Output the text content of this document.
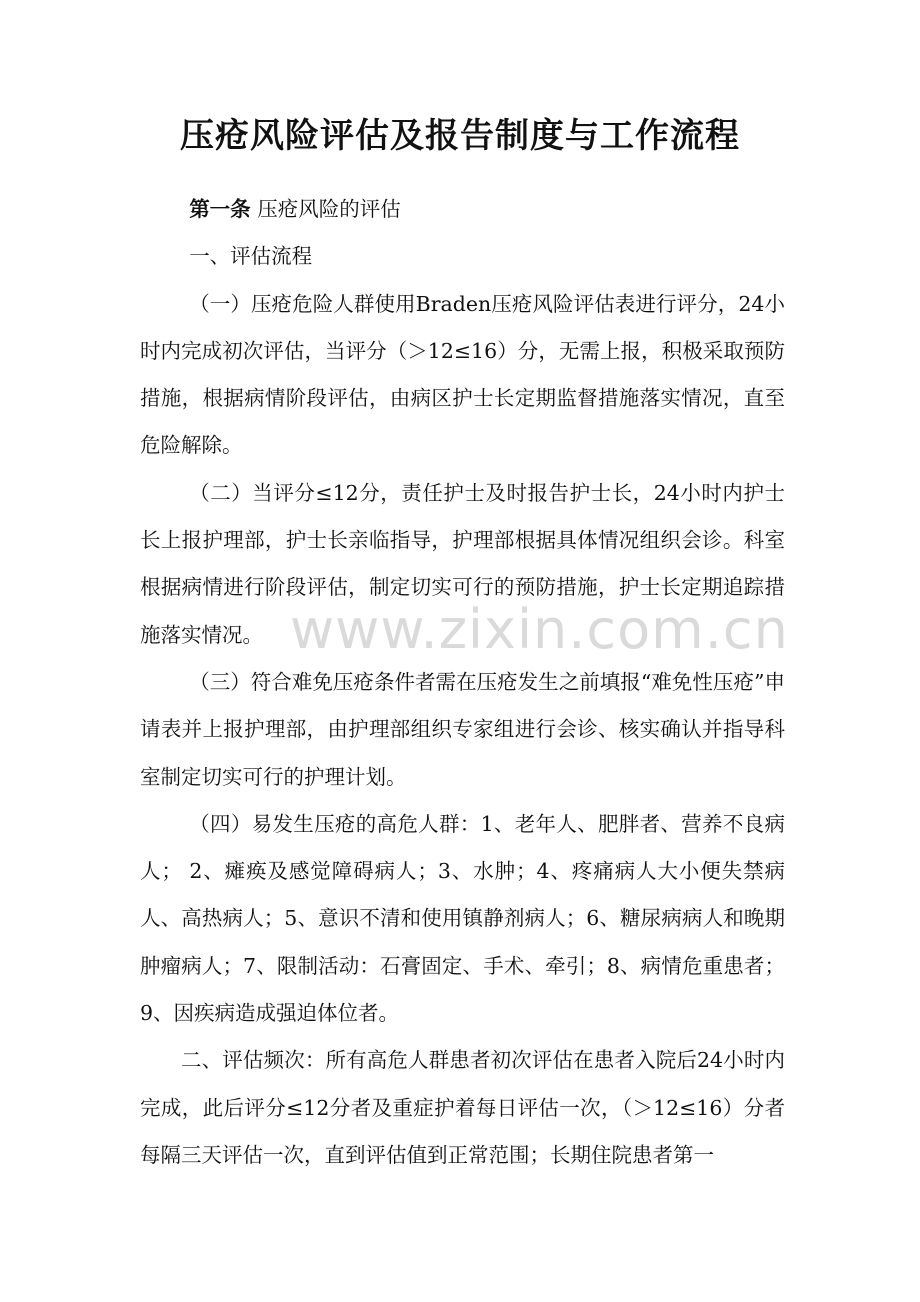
压疮风险评估及报告制度与工作流程

第一条 压疮风险的评估

一、评估流程

（一）压疮危险人群使用Braden压疮风险评估表进行评分，24小时内完成初次评估，当评分（＞12≤16）分，无需上报，积极采取预防措施，根据病情阶段评估，由病区护士长定期监督措施落实情况，直至危险解除。

（二）当评分≤12分，责任护士及时报告护士长，24小时内护士长上报护理部，护士长亲临指导，护理部根据具体情况组织会诊。科室根据病情进行阶段评估，制定切实可行的预防措施，护士长定期追踪措施落实情况。

（三）符合难免压疮条件者需在压疮发生之前填报“难免性压疮”申请表并上报护理部，由护理部组织专家组进行会诊、核实确认并指导科室制定切实可行的护理计划。

（四）易发生压疮的高危人群：1、老年人、肥胖者、营养不良病人； 2、瘫痪及感觉障碍病人；3、水肿；4、疼痛病人大小便失禁病人、高热病人；5、意识不清和使用镇静剂病人；6、糖尿病病人和晚期肿瘤病人；7、限制活动：石膏固定、手术、牵引；8、病情危重患者；9、因疾病造成强迫体位者。

二、评估频次：所有高危人群患者初次评估在患者入院后24小时内完成，此后评分≤12分者及重症护着每日评估一次，（＞12≤16）分者每隔三天评估一次，直到评估值到正常范围；长期住院患者第一

www.zixin.com.cn
